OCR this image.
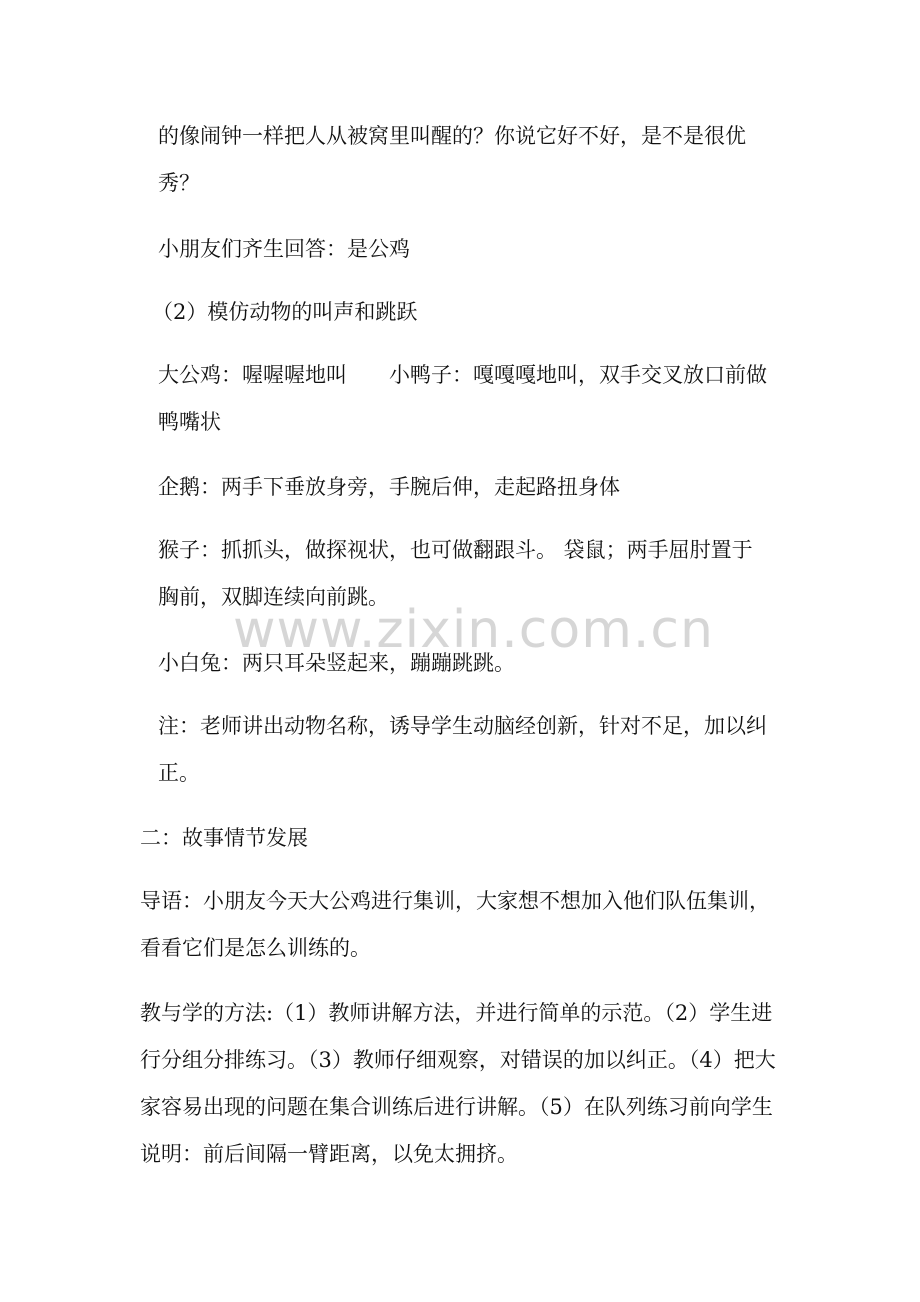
的像闹钟一样把人从被窝里叫醒的？你说它好不好，是不是很优
秀？
小朋友们齐生回答：是公鸡
（2）模仿动物的叫声和跳跃
大公鸡：喔喔喔地叫　　小鸭子：嘎嘎嘎地叫，双手交叉放口前做
鸭嘴状
企鹅：两手下垂放身旁，手腕后伸，走起路扭身体
猴子：抓抓头，做探视状，也可做翻跟斗。 袋鼠；两手屈肘置于
胸前，双脚连续向前跳。
小白兔：两只耳朵竖起来，蹦蹦跳跳。
注：老师讲出动物名称，诱导学生动脑经创新，针对不足，加以纠
正。
二：故事情节发展
导语：小朋友今天大公鸡进行集训，大家想不想加入他们队伍集训，
看看它们是怎么训练的。
教与学的方法:（1）教师讲解方法，并进行简单的示范。（2）学生进
行分组分排练习。（3）教师仔细观察，对错误的加以纠正。（4）把大
家容易出现的问题在集合训练后进行讲解。（5）在队列练习前向学生
说明：前后间隔一臂距离，以免太拥挤。
www.zixin.com.cn
